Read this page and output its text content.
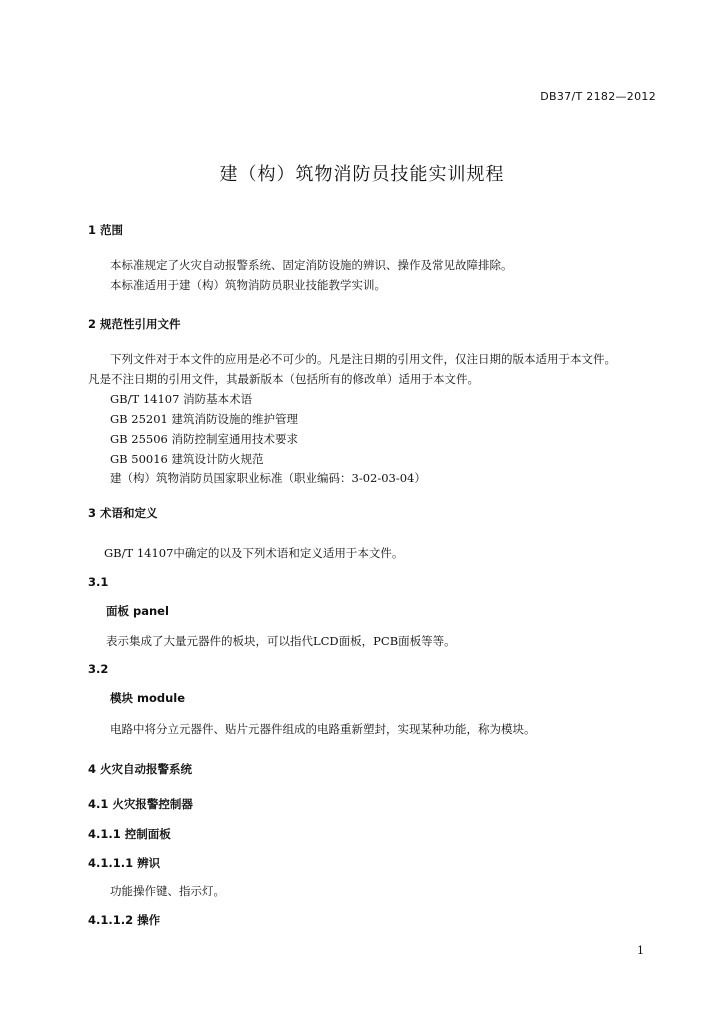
DB37/T 2182—2012
建（构）筑物消防员技能实训规程
1 范围
本标准规定了火灾自动报警系统、固定消防设施的辨识、操作及常见故障排除。
本标准适用于建（构）筑物消防员职业技能教学实训。
2 规范性引用文件
下列文件对于本文件的应用是必不可少的。凡是注日期的引用文件，仅注日期的版本适用于本文件。
凡是不注日期的引用文件，其最新版本（包括所有的修改单）适用于本文件。
GB/T 14107 消防基本术语
GB 25201 建筑消防设施的维护管理
GB 25506 消防控制室通用技术要求
GB 50016 建筑设计防火规范
建（构）筑物消防员国家职业标准（职业编码：3-02-03-04）
3 术语和定义
GB/T 14107中确定的以及下列术语和定义适用于本文件。
3.1
面板 panel
表示集成了大量元器件的板块，可以指代LCD面板，PCB面板等等。
3.2
模块 module
电路中将分立元器件、贴片元器件组成的电路重新塑封，实现某种功能，称为模块。
4 火灾自动报警系统
4.1 火灾报警控制器
4.1.1 控制面板
4.1.1.1 辨识
功能操作键、指示灯。
4.1.1.2 操作
1
